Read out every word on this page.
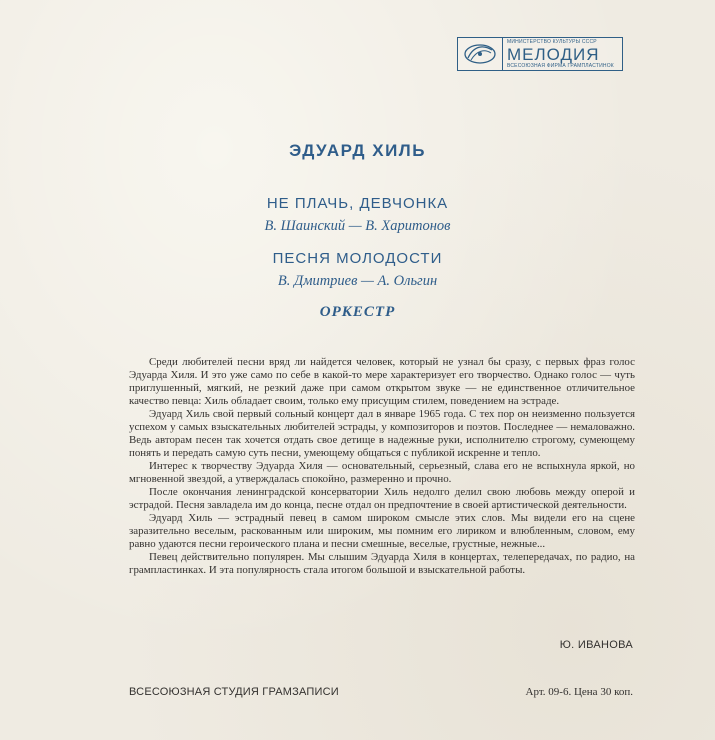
МИНИСТЕРСТВО КУЛЬТУРЫ СССР
МЕЛОДИЯ
ВСЕСОЮЗНАЯ ФИРМА ГРАМПЛАСТИНОК
ЭДУАРД ХИЛЬ
НЕ ПЛАЧЬ, ДЕВЧОНКА
В. Шаинский — В. Харитонов
ПЕСНЯ МОЛОДОСТИ
В. Дмитриев — А. Ольгин
ОРКЕСТР

Среди любителей песни вряд ли найдется человек, который не узнал бы сразу, с первых фраз голос Эдуарда Хиля. И это уже само по себе в какой-то мере характеризует его творчество. Однако голос — чуть приглушенный, мягкий, не резкий даже при самом открытом звуке — не единственное отличительное качество певца: Хиль обладает своим, только ему присущим стилем, поведением на эстраде.

Эдуард Хиль свой первый сольный концерт дал в январе 1965 года. С тех пор он неизменно пользуется успехом у самых взыскательных любителей эстрады, у композиторов и поэтов. Последнее — немаловажно. Ведь авторам песен так хочется отдать свое детище в надежные руки, исполнителю строгому, сумеющему понять и передать самую суть песни, умеющему общаться с публикой искренне и тепло.

Интерес к творчеству Эдуарда Хиля — основательный, серьезный, слава его не вспыхнула яркой, но мгновенной звездой, а утверждалась спокойно, размеренно и прочно.

После окончания ленинградской консерватории Хиль недолго делил свою любовь между оперой и эстрадой. Песня завладела им до конца, песне отдал он предпочтение в своей артистической деятельности.

Эдуард Хиль — эстрадный певец в самом широком смысле этих слов. Мы видели его на сцене заразительно веселым, раскованным или широким, мы помним его лириком и влюбленным, словом, ему равно удаются песни героического плана и песни смешные, веселые, грустные, нежные...

Певец действительно популярен. Мы слышим Эдуарда Хиля в концертах, телепередачах, по радио, на грампластинках. И эта популярность стала итогом большой и взыскательной работы.

Ю. ИВАНОВА
ВСЕСОЮЗНАЯ СТУДИЯ ГРАМЗАПИСИ	Арт. 09-6. Цена 30 коп.
